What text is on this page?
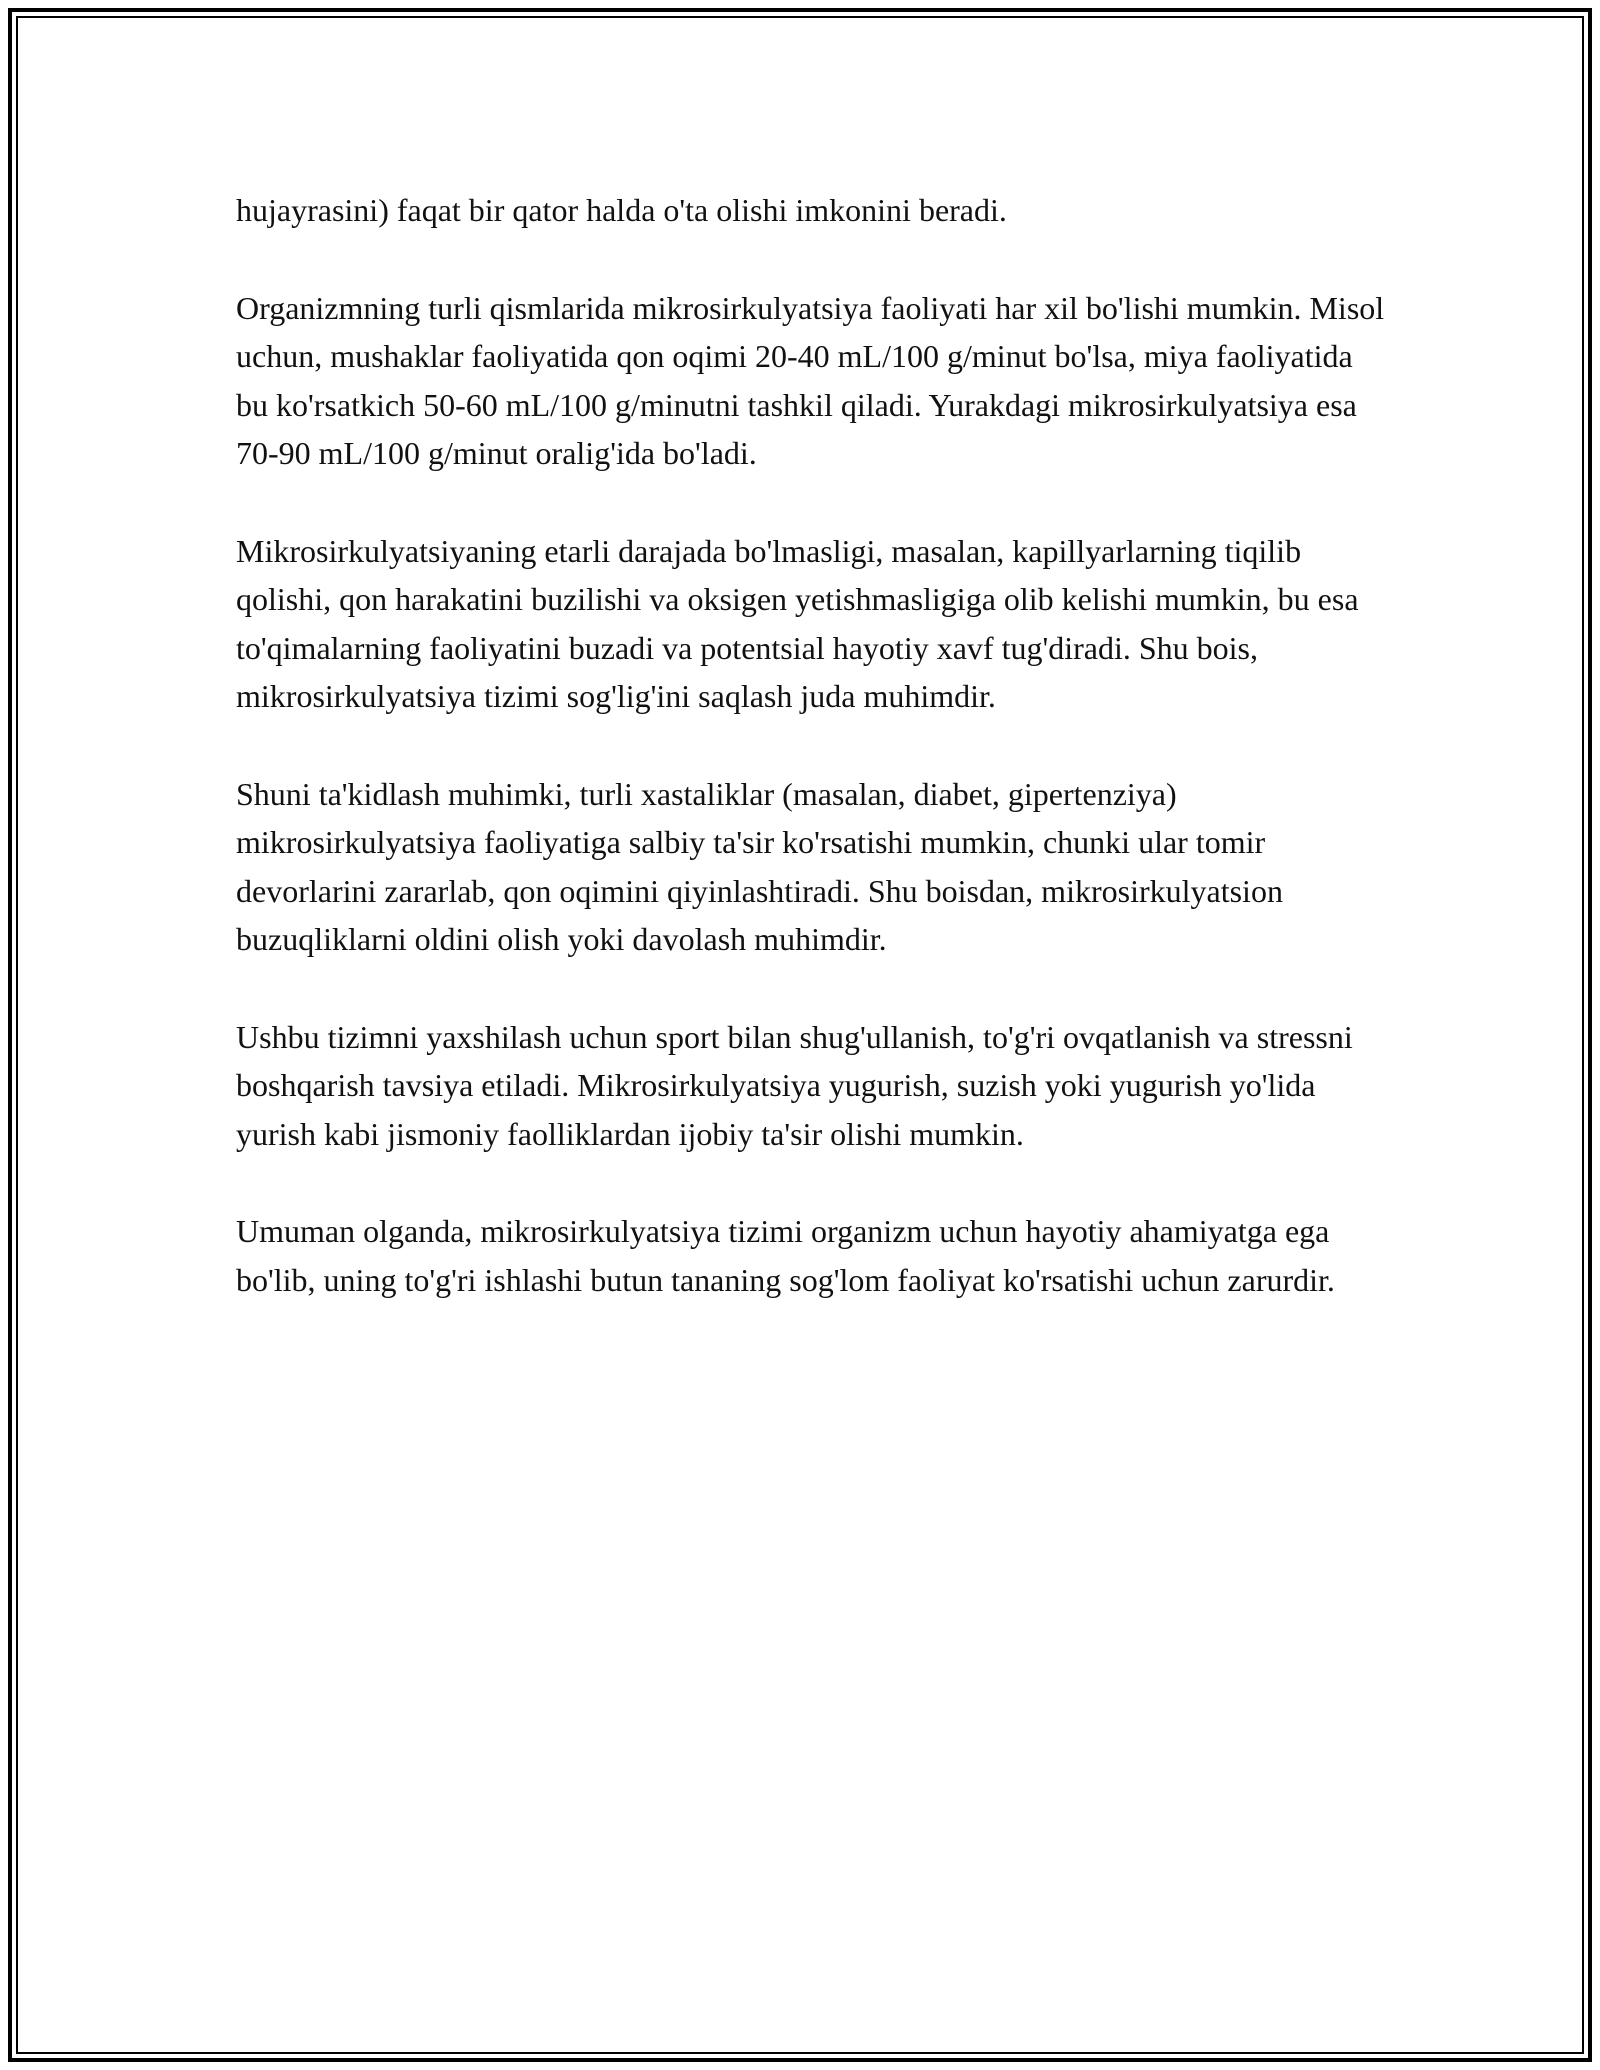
hujayrasini) faqat bir qator halda o'ta olishi imkonini beradi.

Organizmning turli qismlarida mikrosirkulyatsiya faoliyati har xil bo'lishi mumkin. Misol uchun, mushaklar faoliyatida qon oqimi 20-40 mL/100 g/minut bo'lsa, miya faoliyatida bu ko'rsatkich 50-60 mL/100 g/minutni tashkil qiladi. Yurakdagi mikrosirkulyatsiya esa 70-90 mL/100 g/minut oralig'ida bo'ladi.

Mikrosirkulyatsiyaning etarli darajada bo'lmasligi, masalan, kapillyarlarning tiqilib qolishi, qon harakatini buzilishi va oksigen yetishmasligiga olib kelishi mumkin, bu esa to'qimalarning faoliyatini buzadi va potentsial hayotiy xavf tug'diradi. Shu bois, mikrosirkulyatsiya tizimi sog'lig'ini saqlash juda muhimdir.

Shuni ta'kidlash muhimki, turli xastaliklar (masalan, diabet, gipertenziya) mikrosirkulyatsiya faoliyatiga salbiy ta'sir ko'rsatishi mumkin, chunki ular tomir devorlarini zararlab, qon oqimini qiyinlashtiradi. Shu boisdan, mikrosirkulyatsion buzuqliklarni oldini olish yoki davolash muhimdir.

Ushbu tizimni yaxshilash uchun sport bilan shug'ullanish, to'g'ri ovqatlanish va stressni boshqarish tavsiya etiladi. Mikrosirkulyatsiya yugurish, suzish yoki yugurish yo'lida yurish kabi jismoniy faolliklardan ijobiy ta'sir olishi mumkin.

Umuman olganda, mikrosirkulyatsiya tizimi organizm uchun hayotiy ahamiyatga ega bo'lib, uning to'g'ri ishlashi butun tananing sog'lom faoliyat ko'rsatishi uchun zarurdir.
